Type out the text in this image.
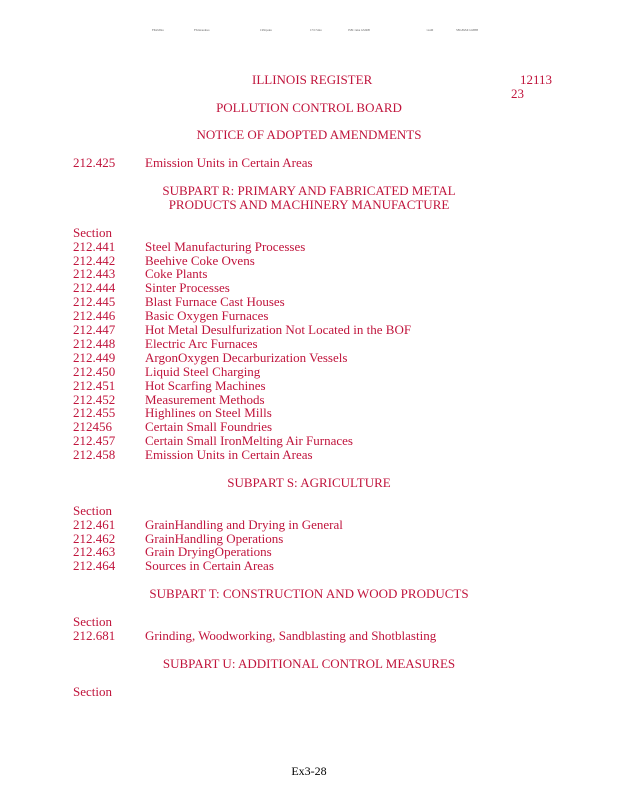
FPAMbiu	FSmnaudnes	CPmpaku	CVCSmu	ISBt 1uku GMRB	~nuM	SBGBsMt GMBB
ILLINOIS REGISTER	12113
23
POLLUTION CONTROL BOARD
NOTICE OF ADOPTED AMENDMENTS
212.425 Emission Units in Certain Areas
SUBPART R: PRIMARY AND FABRICATED METAL
PRODUCTS AND MACHINERY MANUFACTURE
Section
212.441 Steel Manufacturing Processes
212.442 Beehive Coke Ovens
212.443 Coke Plants
212.444 Sinter Processes
212.445 Blast Furnace Cast Houses
212.446 Basic Oxygen Furnaces
212.447 Hot Metal Desulfurization Not Located in the BOF
212.448 Electric Arc Furnaces
212.449 ArgonOxygen Decarburization Vessels
212.450 Liquid Steel Charging
212.451 Hot Scarfing Machines
212.452 Measurement Methods
212.455 Highlines on Steel Mills
212456	Certain Small Foundries
212.457 Certain Small IronMelting Air Furnaces
212.458 Emission Units in Certain Areas
SUBPART S: AGRICULTURE
Section
212.461 GrainHandling and Drying in General
212.462 GrainHandling Operations
212.463 Grain DryingOperations
212.464 Sources in Certain Areas
SUBPART T: CONSTRUCTION AND WOOD PRODUCTS
Section
212.681 Grinding, Woodworking, Sandblasting and Shotblasting
SUBPART U: ADDITIONAL CONTROL MEASURES
Section
Ex3-28
